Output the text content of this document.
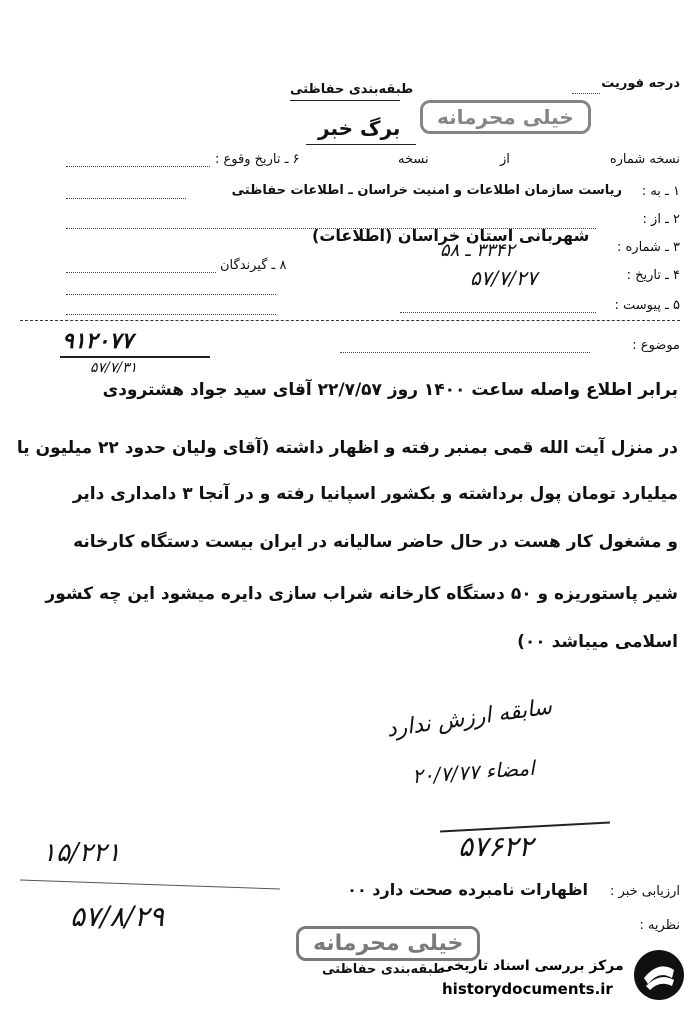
درجه فوریت
طبقه‌بندی حفاظتی
خیلی محرمانه
برگ خبر
نسخه شماره
از
نسخه
۶ ـ تاریخ وقوع :
۱ ـ به :
ریاست سازمان اطلاعات و امنیت خراسان ـ اطلاعات حفاظتی
۲ ـ از :
شهربانی استان خراسان (اطلاعات)
۳ ـ شماره :
۳۳۴۲ ـ ۵۸
۸ ـ گیرندگان
۴ ـ تاریخ :
۵۷/۷/۲۷
۵ ـ پیوست :
موضوع :
۹۱۲۰۷۷
۵۷/۷/۳۱
برابر اطلاع واصله ساعت ۱۴۰۰ روز ۲۲/۷/۵۷ آقای سید جواد هشترودی
در منزل آیت الله قمی بمنبر رفته و اظهار داشته (آقای ولیان حدود ۲۲ میلیون یا
میلیارد تومان پول برداشته و بکشور اسپانیا رفته و در آنجا ۳ دامداری دایر
و مشغول کار هست در حال حاضر سالیانه در ایران بیست دستگاه کارخانه
شیر پاستوریزه و ۵۰ دستگاه کارخانه شراب سازی دایره میشود این چه کشور
اسلامی میباشد ۰۰)
سابقه ارزش ندارد
امضاء ۲۰/۷/۷۷
۵۷۶۲۲
۱۵/۲۲۱
۵۷/۸/۲۹
ارزیابی خبر :
اظهارات نامبرده صحت دارد ۰۰
نظریه :
خیلی محرمانه
طبقه‌بندی حفاظتی
مرکز بررسی اسناد تاریخی
historydocuments.ir
